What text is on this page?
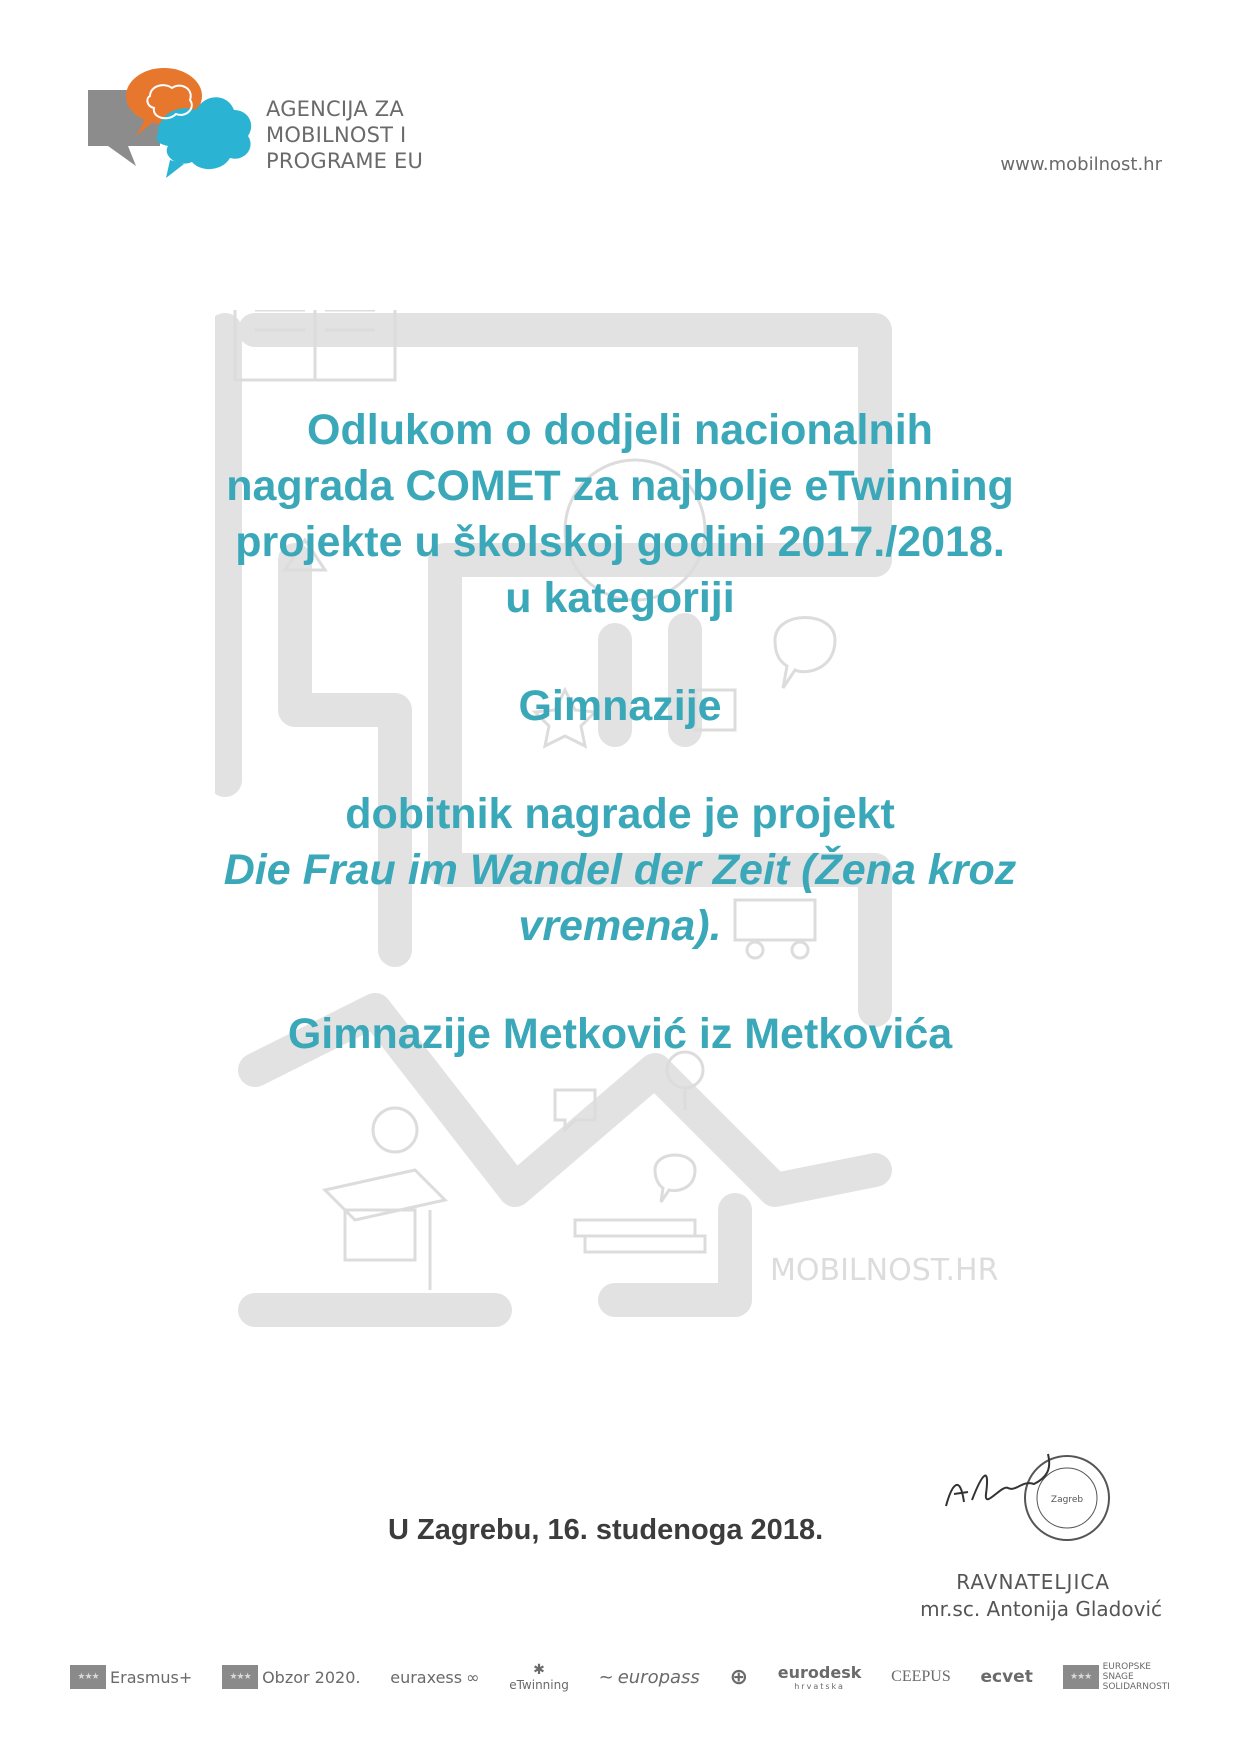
AGENCIJA ZA
MOBILNOST I
PROGRAME EU	www.mobilnost.hr
MOBILNOST.HR
Odlukom o dodjeli nacionalnih
nagrada COMET za najbolje eTwinning
projekte u školskoj godini 2017./2018.
u kategoriji
Gimnazije
dobitnik nagrade je projekt
Die Frau im Wandel der Zeit (Žena kroz
vremena).
Gimnazije Metković iz Metkovića
Zagreb
U Zagrebu, 16. studenoga 2018.
RAVNATELJICA
mr.sc. Antonija Gladović
★★★ Erasmus+	★★★ Obzor 2020. euraxess ∞	✱
eTwinning ~ europass ⊕ eurodesk
hrvatska
CEEPUS ecvet	★★★
EUROPSKE
SNAGE
SOLIDARNOSTI
